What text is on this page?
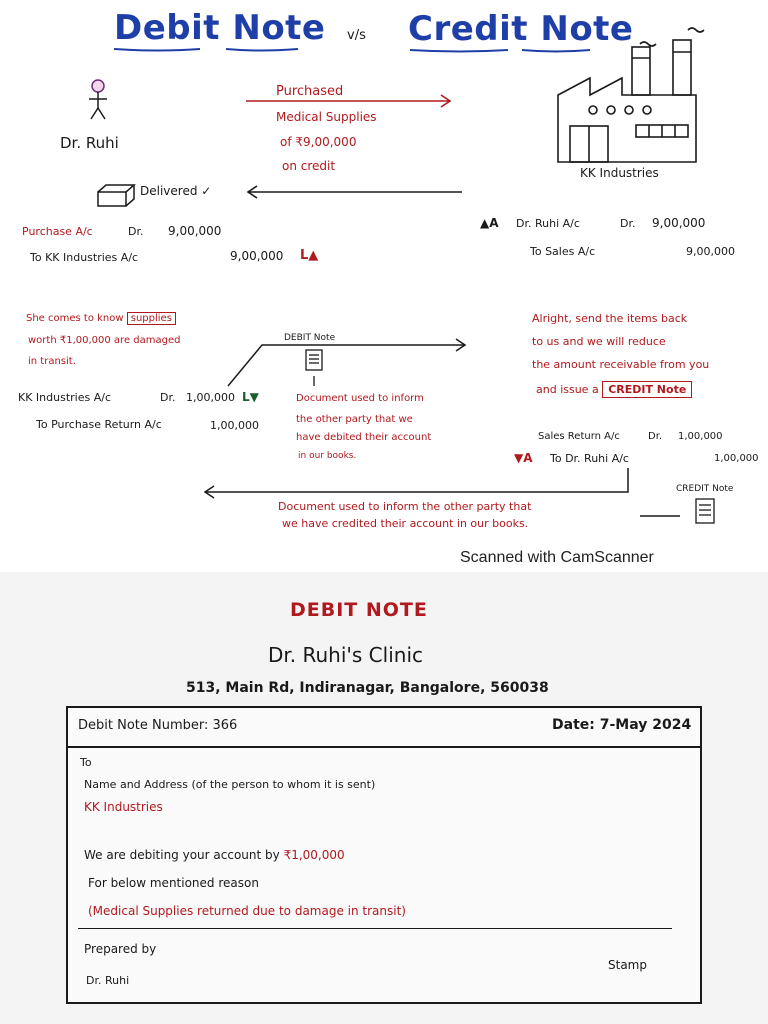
Debit Note v/s Credit Note
Dr. Ruhi
KK Industries
Purchased
Medical Supplies
of ₹9,00,000
on credit
Delivered ✓
Purchase A/c	Dr. 9,00,000
To KK Industries A/c	9,00,000 L▲
▲A Dr. Ruhi A/c	Dr. 9,00,000
To Sales A/c	9,00,000
She comes to know supplies
worth ₹1,00,000 are damaged
in transit.
DEBIT Note
Document used to inform
the other party that we
have debited their account
in our books.
KK Industries A/c	Dr. 1,00,000 L▼
To Purchase Return A/c	1,00,000
Alright, send the items back
to us and we will reduce
the amount receivable from you
and issue a CREDIT Note
Sales Return A/c	Dr. 1,00,000
▼A To Dr. Ruhi A/c	1,00,000
CREDIT Note
Document used to inform the other party that
we have credited their account in our books.
Scanned with CamScanner
DEBIT NOTE
Dr. Ruhi's Clinic
513, Main Rd, Indiranagar, Bangalore, 560038
Debit Note Number: 366	Date: 7-May 2024
To
Name and Address (of the person to whom it is sent)
KK Industries
We are debiting your account by ₹1,00,000
For below mentioned reason
(Medical Supplies returned due to damage in transit)
Prepared by
Dr. Ruhi
Stamp
